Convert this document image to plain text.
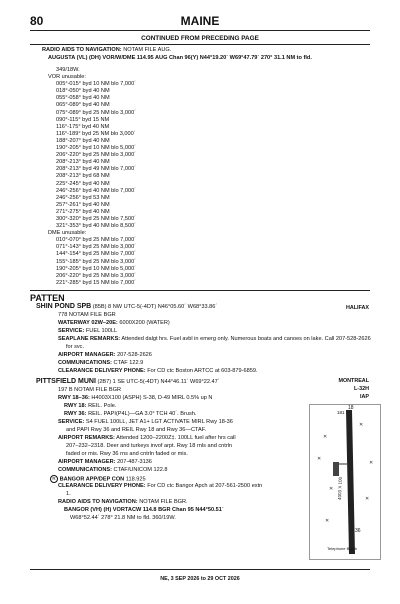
80	MAINE
CONTINUED FROM PRECEDING PAGE
RADIO AIDS TO NAVIGATION: NOTAM FILE AUG.
AUGUSTA (VL) (DH) VOR/W/DME 114.95 AUG Chan 96(Y) N44°19.20´ W69°47.79´ 270° 31.1 NM to fld.
349/18W.
VOR unusable:
005°-015° byd 10 NM blo 7,000´
018°-050° byd 40 NM
055°-058° byd 40 NM
065°-089° byd 40 NM
075°-089° byd 25 NM blo 3,000´
090°-115° byd 15 NM
116°-175° byd 40 NM
116°-189° byd 25 NM blo 3,000´
188°-207° byd 40 NM
190°-205° byd 10 NM blo 5,000´
206°-220° byd 25 NM blo 3,000´
208°-213° byd 40 NM
208°-213° byd 49 NM blo 7,000´
208°-213° byd 68 NM
225°-245° byd 40 NM
246°-256° byd 40 NM blo 7,000´
246°-256° byd 53 NM
257°-261° byd 40 NM
271°-275° byd 40 NM
300°-320° byd 25 NM blo 7,500´
321°-353° byd 40 NM blo 8,500´
DME unusable:
010°-070° byd 25 NM blo 7,000´
071°-143° byd 25 NM blo 3,000´
144°-154° byd 25 NM blo 7,000´
155°-185° byd 25 NM blo 3,000´
190°-205° byd 10 NM blo 5,000´
206°-220° byd 25 NM blo 3,000´
221°-285° byd 15 NM blo 7,000´
PATTEN
SHIN POND SPB (85B) 8 NW UTC-5(-4DT) N46°05.60´ W68°33.86´	HALIFAX
778 NOTAM FILE BGR
WATERWAY 02W–20E: 6000X200 (WATER)
SERVICE: FUEL 100LL
SEAPLANE REMARKS: Attended dalgt hrs. Fuel avbl in emerg only. Numerous boats and canoes on lake. Call 207-528-2626
for svc.
AIRPORT MANAGER: 207-528-2626
COMMUNICATIONS: CTAF 122.9
CLEARANCE DELIVERY PHONE: For CD ctc Boston ARTCC at 603-879-6859.
PITTSFIELD MUNI (2B7) 1 SE UTC-5(-4DT) N44°46.11´ W69°22.47´	MONTREAL
L-32H
IAP
197 B NOTAM FILE BGR
RWY 18–36: H4003X100 (ASPH) S-38, D-49 MIRL 0.5% up N
RWY 18: REIL. Pole.
RWY 36: REIL. PAPI(P4L)—GA 3.0° TCH 40´. Brush.
SERVICE: S4 FUEL 100LL, JET A1+ LGT ACTIVATE MIRL Rwy 18-36
and PAPI Rwy 36 and REIL Rwy 18 and Rwy 36—CTAF.
AIRPORT REMARKS: Attended 1200–2200Z‡. 100LL fuel after hrs call
207–232–2318. Deer and turkeys invof arpt. Rwy 18 rnls and cntrln
faded or mis. Rwy 36 rns and cntrln faded or mis.
AIRPORT MANAGER: 207-487-3136
COMMUNICATIONS: CTAF/UNICOM 122.8
R BANGOR APP/DEP CON 118.925
CLEARANCE DELIVERY PHONE: For CD ctc Bangor Apch at 207-561-2500 extn
1.
RADIO AIDS TO NAVIGATION: NOTAM FILE BGR.
BANGOR (VH) (H) VORTACW 114.8 BGR Chan 95 N44°50.51´
W68°52.44´ 278° 21.8 NM to fld. 360/19W.
✕
✕
✕
✕
✕
✕
✕
18
36
4003 X 100
181
Telephone Booth
NE, 3 SEP 2026 to 29 OCT 2026
